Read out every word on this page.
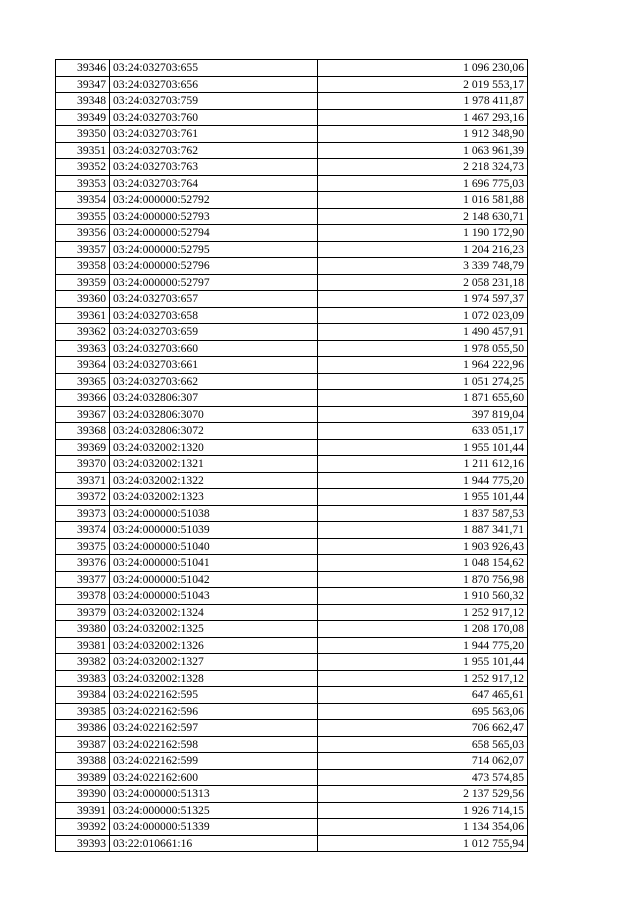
39346	03:24:032703:655	1 096 230,06
39347	03:24:032703:656	2 019 553,17
39348	03:24:032703:759	1 978 411,87
39349	03:24:032703:760	1 467 293,16
39350	03:24:032703:761	1 912 348,90
39351	03:24:032703:762	1 063 961,39
39352	03:24:032703:763	2 218 324,73
39353	03:24:032703:764	1 696 775,03
39354	03:24:000000:52792	1 016 581,88
39355	03:24:000000:52793	2 148 630,71
39356	03:24:000000:52794	1 190 172,90
39357	03:24:000000:52795	1 204 216,23
39358	03:24:000000:52796	3 339 748,79
39359	03:24:000000:52797	2 058 231,18
39360	03:24:032703:657	1 974 597,37
39361	03:24:032703:658	1 072 023,09
39362	03:24:032703:659	1 490 457,91
39363	03:24:032703:660	1 978 055,50
39364	03:24:032703:661	1 964 222,96
39365	03:24:032703:662	1 051 274,25
39366	03:24:032806:307	1 871 655,60
39367	03:24:032806:3070	397 819,04
39368	03:24:032806:3072	633 051,17
39369	03:24:032002:1320	1 955 101,44
39370	03:24:032002:1321	1 211 612,16
39371	03:24:032002:1322	1 944 775,20
39372	03:24:032002:1323	1 955 101,44
39373	03:24:000000:51038	1 837 587,53
39374	03:24:000000:51039	1 887 341,71
39375	03:24:000000:51040	1 903 926,43
39376	03:24:000000:51041	1 048 154,62
39377	03:24:000000:51042	1 870 756,98
39378	03:24:000000:51043	1 910 560,32
39379	03:24:032002:1324	1 252 917,12
39380	03:24:032002:1325	1 208 170,08
39381	03:24:032002:1326	1 944 775,20
39382	03:24:032002:1327	1 955 101,44
39383	03:24:032002:1328	1 252 917,12
39384	03:24:022162:595	647 465,61
39385	03:24:022162:596	695 563,06
39386	03:24:022162:597	706 662,47
39387	03:24:022162:598	658 565,03
39388	03:24:022162:599	714 062,07
39389	03:24:022162:600	473 574,85
39390	03:24:000000:51313	2 137 529,56
39391	03:24:000000:51325	1 926 714,15
39392	03:24:000000:51339	1 134 354,06
39393	03:22:010661:16	1 012 755,94
